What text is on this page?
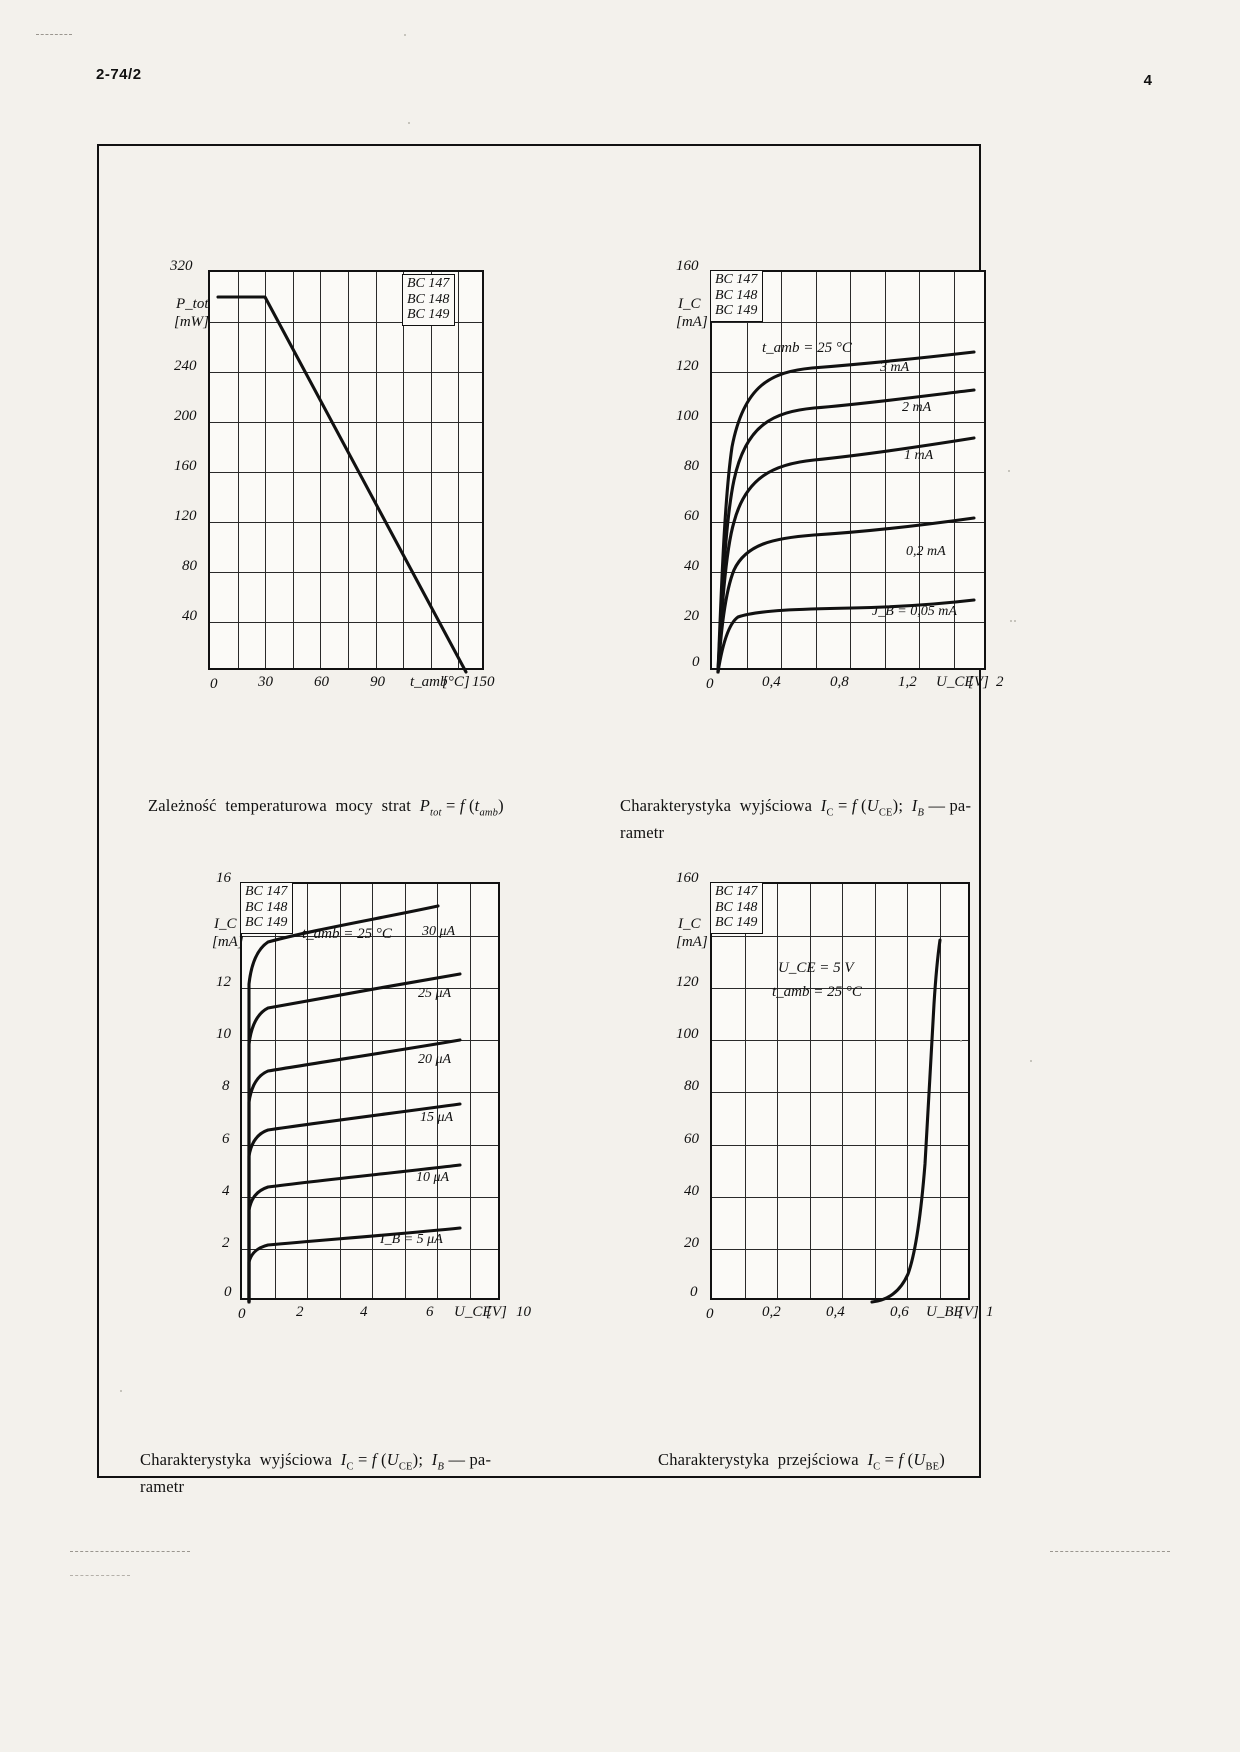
2-74/2	4
BC 147
BC 148
BC 149
320
240
200
160
120
80
40
P_tot
[mW]
0	30	60	90 t_amb
[°C] 150
Zależność  temperaturowa  mocy  strat  $P_{tot} = f$ $(t_{amb})$
BC 147
BC 148
BC 149
t_amb = 25 °C
3 mA
2 mA
1 mA
0,2 mA
J_B = 0,05 mA
160
120
100
80
60
40
20
0
I_C
[mA]
0	0,4	0,8	1,2 U_CE
[V] 2
Charakterystyka  wyjściowa  $I_C = f$ $(U_{CE})$;  $I_B$ — pa-
rametr
BC 147
BC 148
BC 149
t_amb = 25 °C 30 μA
25 μA
20 μA
15 μA
10 μA
I_B = 5 μA
16
12
10
8
6
4
2
0
I_C
[mA]
0	2	4	6 U_CE
[V] 10
Charakterystyka  wyjściowa  $I_C = f$ $(U_{CE})$;  $I_B$ — pa-
rametr
BC 147
BC 148
BC 149
U_CE = 5 V
t_amb = 25 °C
160
120
100
80
60
40
20
0
I_C
[mA]
0	0,2	0,4	0,6 U_BE
[V] 1
Charakterystyka  przejściowa  $I_C = f$ $(U_{BE})$
